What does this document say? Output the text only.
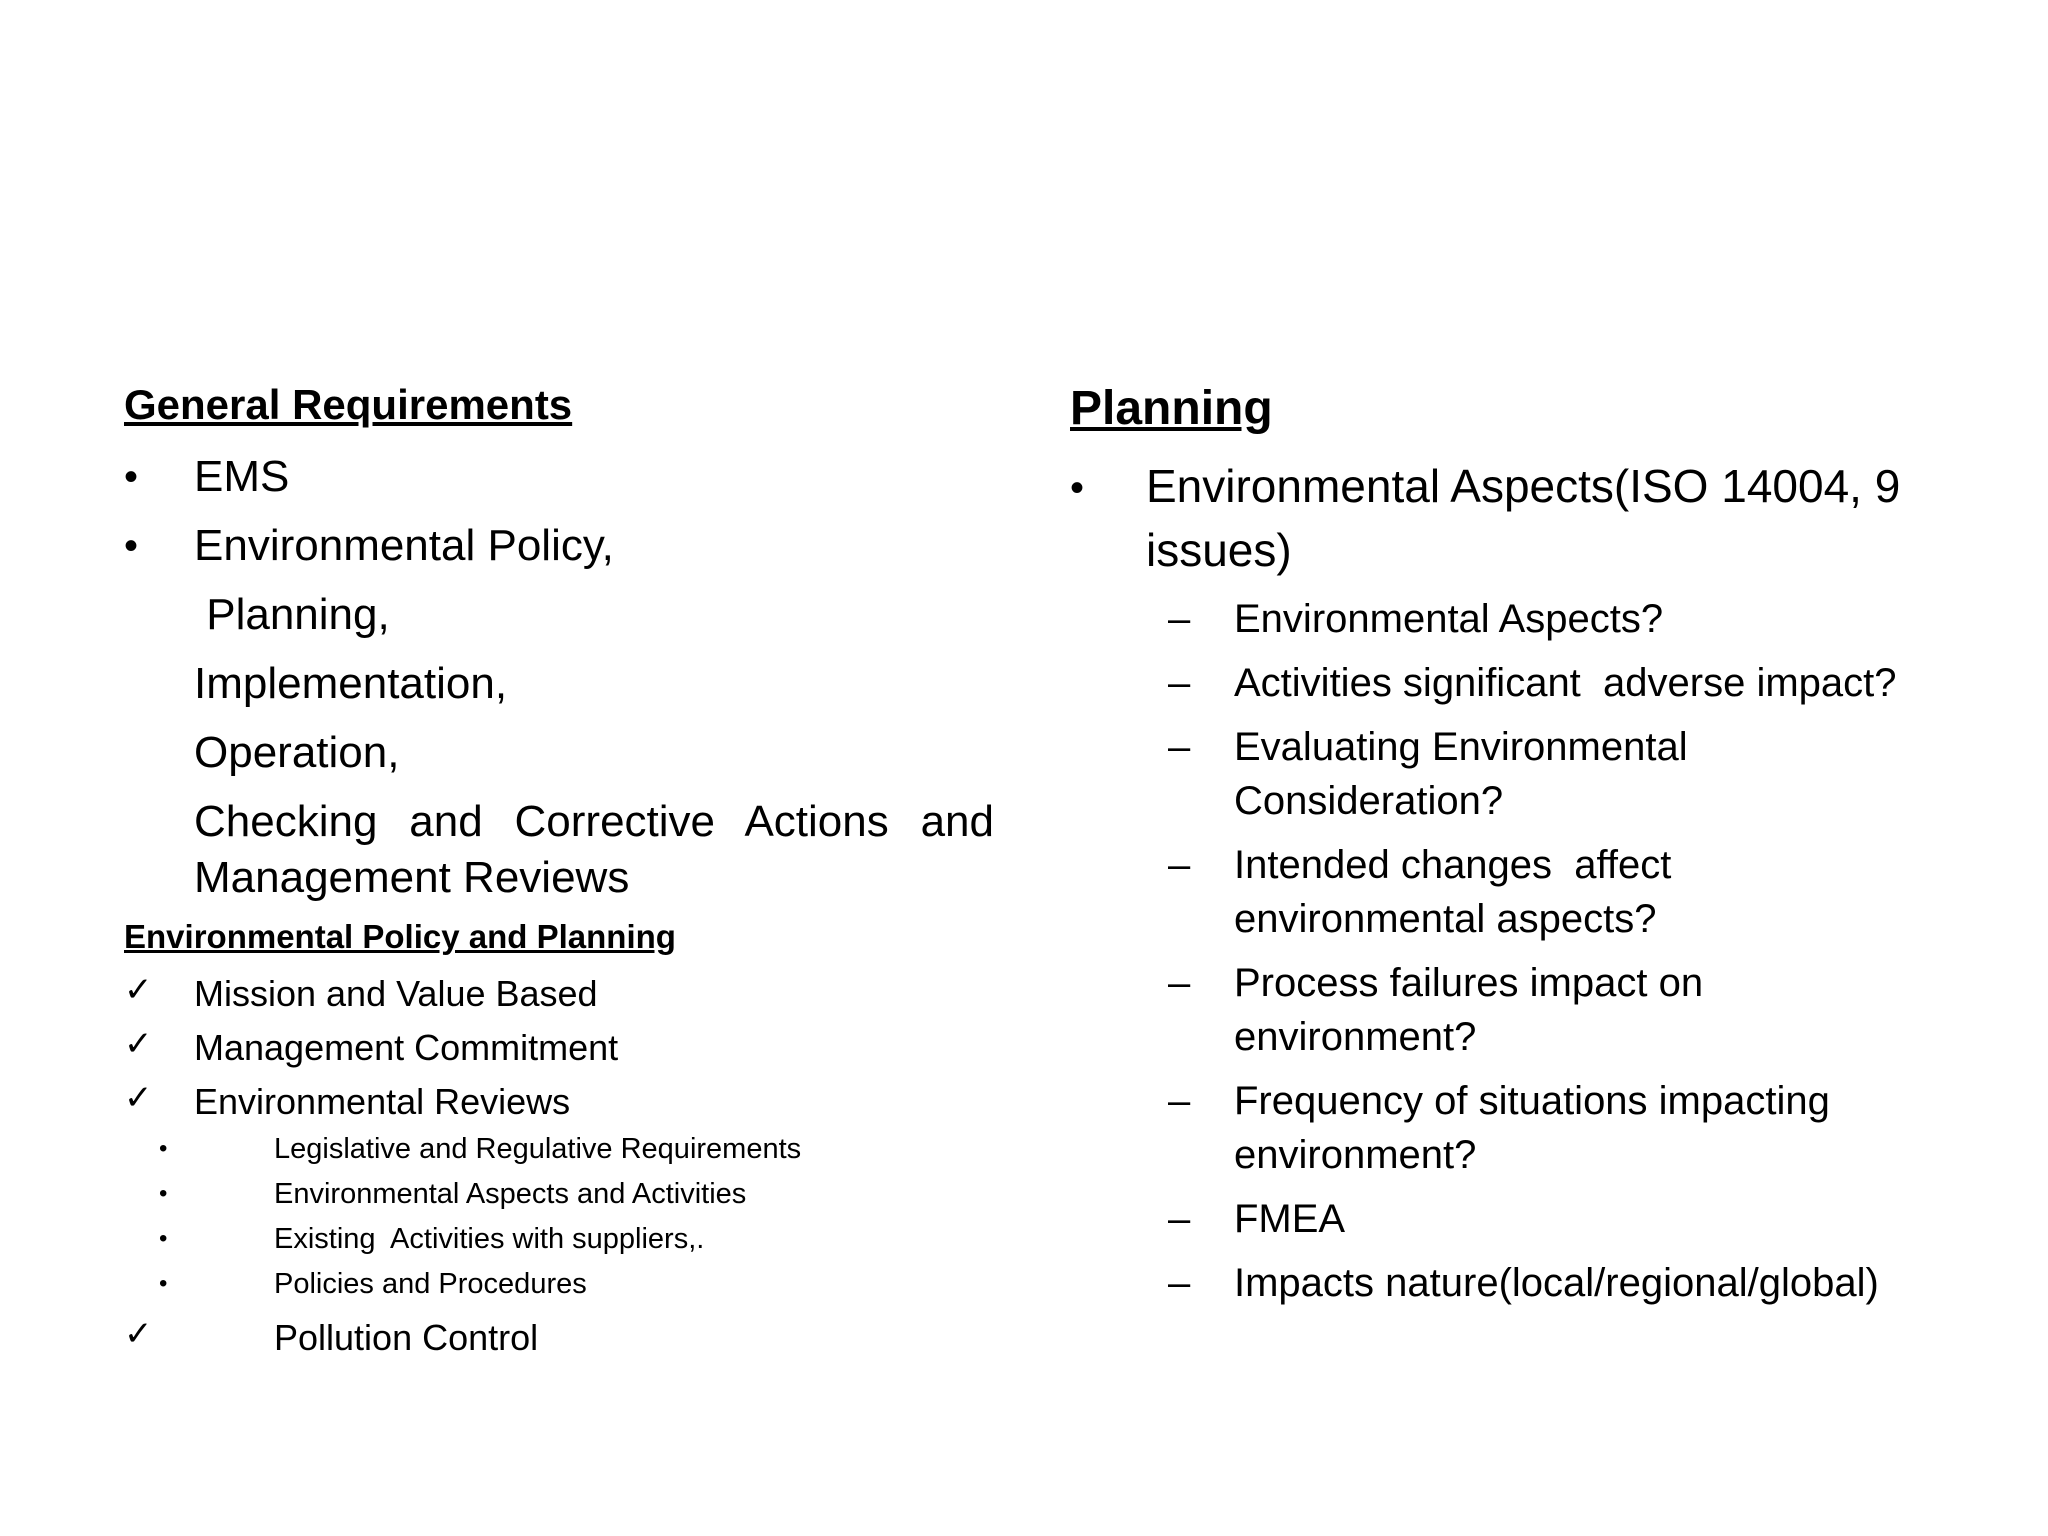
General Requirements
• EMS
• Environmental Policy,
Planning,
Implementation,
Operation,
Checking  and  Corrective  Actions  and
Management Reviews
Environmental Policy and Planning
✓ Mission and Value Based
✓ Management Commitment
✓ Environmental Reviews
•	Legislative and Regulative Requirements
•	Environmental Aspects and Activities
•	Existing  Activities with suppliers,.
•	Policies and Procedures
✓	Pollution Control
Planning
• Environmental Aspects(ISO 14004, 9 issues)
– Environmental Aspects?
– Activities significant  adverse impact?
– Evaluating Environmental Consideration?
– Intended changes  affect environmental aspects?
– Process failures impact on environment?
– Frequency of situations impacting environment?
– FMEA
– Impacts nature(local/regional/global)
